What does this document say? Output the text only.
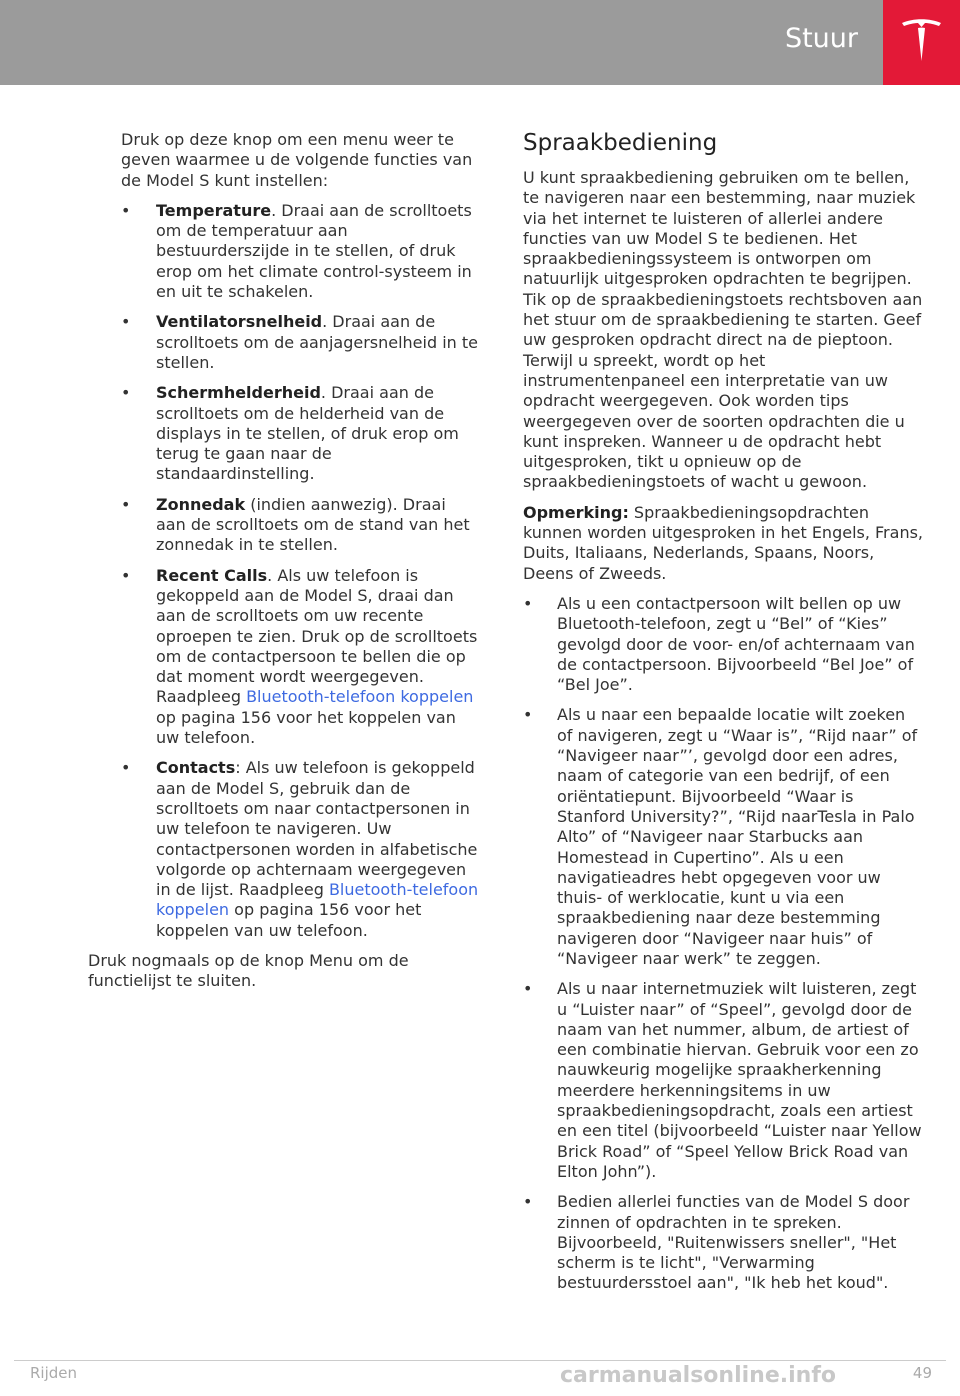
Stuur

Druk op deze knop om een menu weer te geven waarmee u de volgende functies van de Model S kunt instellen:

• Temperature. Draai aan de scrolltoets om de temperatuur aan bestuurderszijde in te stellen, of druk erop om het climate control-systeem in en uit te schakelen.
• Ventilatorsnelheid. Draai aan de scrolltoets om de aanjagersnelheid in te stellen.
• Schermhelderheid. Draai aan de scrolltoets om de helderheid van de displays in te stellen, of druk erop om terug te gaan naar de standaardinstelling.
• Zonnedak (indien aanwezig). Draai aan de scrolltoets om de stand van het zonnedak in te stellen.
• Recent Calls. Als uw telefoon is gekoppeld aan de Model S, draai dan aan de scrolltoets om uw recente oproepen te zien. Druk op de scrolltoets om de contactpersoon te bellen die op dat moment wordt weergegeven. Raadpleeg Bluetooth-telefoon koppelen op pagina 156 voor het koppelen van uw telefoon.
• Contacts: Als uw telefoon is gekoppeld aan de Model S, gebruik dan de scrolltoets om naar contactpersonen in uw telefoon te navigeren. Uw contactpersonen worden in alfabetische volgorde op achternaam weergegeven in de lijst. Raadpleeg Bluetooth-telefoon koppelen op pagina 156 voor het koppelen van uw telefoon.

Druk nogmaals op de knop Menu om de functielijst te sluiten.

Spraakbediening

U kunt spraakbediening gebruiken om te bellen, te navigeren naar een bestemming, naar muziek via het internet te luisteren of allerlei andere functies van uw Model S te bedienen. Het spraakbedieningssysteem is ontworpen om natuurlijk uitgesproken opdrachten te begrijpen. Tik op de spraakbedieningstoets rechtsboven aan het stuur om de spraakbediening te starten. Geef uw gesproken opdracht direct na de pieptoon. Terwijl u spreekt, wordt op het instrumentenpaneel een interpretatie van uw opdracht weergegeven. Ook worden tips weergegeven over de soorten opdrachten die u kunt inspreken. Wanneer u de opdracht hebt uitgesproken, tikt u opnieuw op de spraakbedieningstoets of wacht u gewoon.

Opmerking: Spraakbedieningsopdrachten kunnen worden uitgesproken in het Engels, Frans, Duits, Italiaans, Nederlands, Spaans, Noors, Deens of Zweeds.

• Als u een contactpersoon wilt bellen op uw Bluetooth-telefoon, zegt u “Bel” of “Kies” gevolgd door de voor- en/of achternaam van de contactpersoon. Bijvoorbeeld “Bel Joe” of “Bel Joe”.
• Als u naar een bepaalde locatie wilt zoeken of navigeren, zegt u “Waar is”, “Rijd naar” of “Navigeer naar”’, gevolgd door een adres, naam of categorie van een bedrijf, of een oriëntatiepunt. Bijvoorbeeld “Waar is Stanford University?”, “Rijd naarTesla in Palo Alto” of “Navigeer naar Starbucks aan Homestead in Cupertino”. Als u een navigatieadres hebt opgegeven voor uw thuis- of werklocatie, kunt u via een spraakbediening naar deze bestemming navigeren door “Navigeer naar huis” of “Navigeer naar werk” te zeggen.
• Als u naar internetmuziek wilt luisteren, zegt u “Luister naar” of “Speel”, gevolgd door de naam van het nummer, album, de artiest of een combinatie hiervan. Gebruik voor een zo nauwkeurig mogelijke spraakherkenning meerdere herkenningsitems in uw spraakbedieningsopdracht, zoals een artiest en een titel (bijvoorbeeld “Luister naar Yellow Brick Road” of “Speel Yellow Brick Road van Elton John”).
• Bedien allerlei functies van de Model S door zinnen of opdrachten in te spreken. Bijvoorbeeld, "Ruitenwissers sneller", "Het scherm is te licht", "Verwarming bestuurdersstoel aan", "Ik heb het koud".
Rijden	carmanualsonline.info	49
